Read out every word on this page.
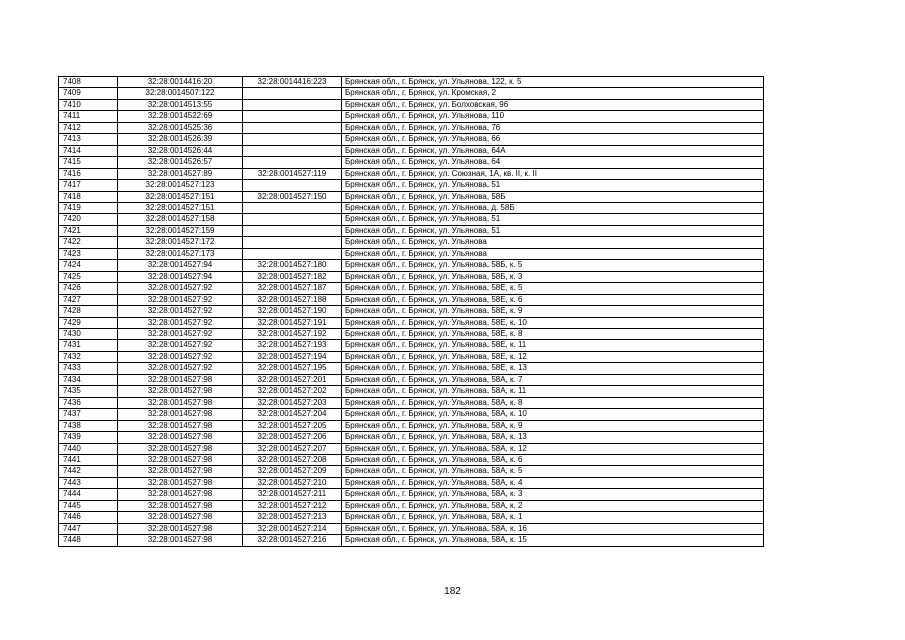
7408	32:28:0014416:20	32:28:0014416:223	Брянская обл., г. Брянск, ул. Ульянова, 122, к. 5
7409	32:28:0014507:122		Брянская обл., г. Брянск, ул. Кромская, 2
7410	32:28:0014513:55		Брянская обл., г. Брянск, ул. Болховская, 96
7411	32:28:0014522:69		Брянская обл., г. Брянск, ул. Ульянова, 110
7412	32:28:0014525:36		Брянская обл., г. Брянск, ул. Ульянова, 76
7413	32:28:0014526:39		Брянская обл., г. Брянск, ул. Ульянова, 66
7414	32:28:0014526:44		Брянская обл., г. Брянск, ул. Ульянова, 64А
7415	32:28:0014526:57		Брянская обл., г. Брянск, ул. Ульянова, 64
7416	32:28:0014527:89	32:28:0014527:119	Брянская обл., г. Брянск, ул. Союзная, 1А, кв. II, к. II
7417	32:28:0014527:123		Брянская обл., г. Брянск, ул. Ульянова, 51
7418	32:28:0014527:151	32:28:0014527:150	Брянская обл., г. Брянск, ул. Ульянова, 58Б
7419	32:28:0014527:151		Брянская обл., г. Брянск, ул. Ульянова, д. 58Б
7420	32:28:0014527:158		Брянская обл., г. Брянск, ул. Ульянова, 51
7421	32:28:0014527:159		Брянская обл., г. Брянск, ул. Ульянова, 51
7422	32:28:0014527:172		Брянская обл., г. Брянск, ул. Ульянова
7423	32:28:0014527:173		Брянская обл., г. Брянск, ул. Ульянова
7424	32:28:0014527:94	32:28:0014527:180	Брянская обл., г. Брянск, ул. Ульянова, 58Б, к. 5
7425	32:28:0014527:94	32:28:0014527:182	Брянская обл., г. Брянск, ул. Ульянова, 58Б, к. 3
7426	32:28:0014527:92	32:28:0014527:187	Брянская обл., г. Брянск, ул. Ульянова, 58Е, к. 5
7427	32:28:0014527:92	32:28:0014527:188	Брянская обл., г. Брянск, ул. Ульянова, 58Е, к. 6
7428	32:28:0014527:92	32:28:0014527:190	Брянская обл., г. Брянск, ул. Ульянова, 58Е, к. 9
7429	32:28:0014527:92	32:28:0014527:191	Брянская обл., г. Брянск, ул. Ульянова, 58Е, к. 10
7430	32:28:0014527:92	32:28:0014527:192	Брянская обл., г. Брянск, ул. Ульянова, 58Е, к. 8
7431	32:28:0014527:92	32:28:0014527:193	Брянская обл., г. Брянск, ул. Ульянова, 58Е, к. 11
7432	32:28:0014527:92	32:28:0014527:194	Брянская обл., г. Брянск, ул. Ульянова, 58Е, к. 12
7433	32:28:0014527:92	32:28:0014527:195	Брянская обл., г. Брянск, ул. Ульянова, 58Е, к. 13
7434	32:28:0014527:98	32:28:0014527:201	Брянская обл., г. Брянск, ул. Ульянова, 58А, к. 7
7435	32:28:0014527:98	32:28:0014527:202	Брянская обл., г. Брянск, ул. Ульянова, 58А, к. 11
7436	32:28:0014527:98	32:28:0014527:203	Брянская обл., г. Брянск, ул. Ульянова, 58А, к. 8
7437	32:28:0014527:98	32:28:0014527:204	Брянская обл., г. Брянск, ул. Ульянова, 58А, к. 10
7438	32:28:0014527:98	32:28:0014527:205	Брянская обл., г. Брянск, ул. Ульянова, 58А, к. 9
7439	32:28:0014527:98	32:28:0014527:206	Брянская обл., г. Брянск, ул. Ульянова, 58А, к. 13
7440	32:28:0014527:98	32:28:0014527:207	Брянская обл., г. Брянск, ул. Ульянова, 58А, к. 12
7441	32:28:0014527:98	32:28:0014527:208	Брянская обл., г. Брянск, ул. Ульянова, 58А, к. 6
7442	32:28:0014527:98	32:28:0014527:209	Брянская обл., г. Брянск, ул. Ульянова, 58А, к. 5
7443	32:28:0014527:98	32:28:0014527:210	Брянская обл., г. Брянск, ул. Ульянова, 58А, к. 4
7444	32:28:0014527:98	32:28:0014527:211	Брянская обл., г. Брянск, ул. Ульянова, 58А, к. 3
7445	32:28:0014527:98	32:28:0014527:212	Брянская обл., г. Брянск, ул. Ульянова, 58А, к. 2
7446	32:28:0014527:98	32:28:0014527:213	Брянская обл., г. Брянск, ул. Ульянова, 58А, к. 1
7447	32:28:0014527:98	32:28:0014527:214	Брянская обл., г. Брянск, ул. Ульянова, 58А, к. 16
7448	32:28:0014527:98	32:28:0014527:216	Брянская обл., г. Брянск, ул. Ульянова, 58А, к. 15
182
